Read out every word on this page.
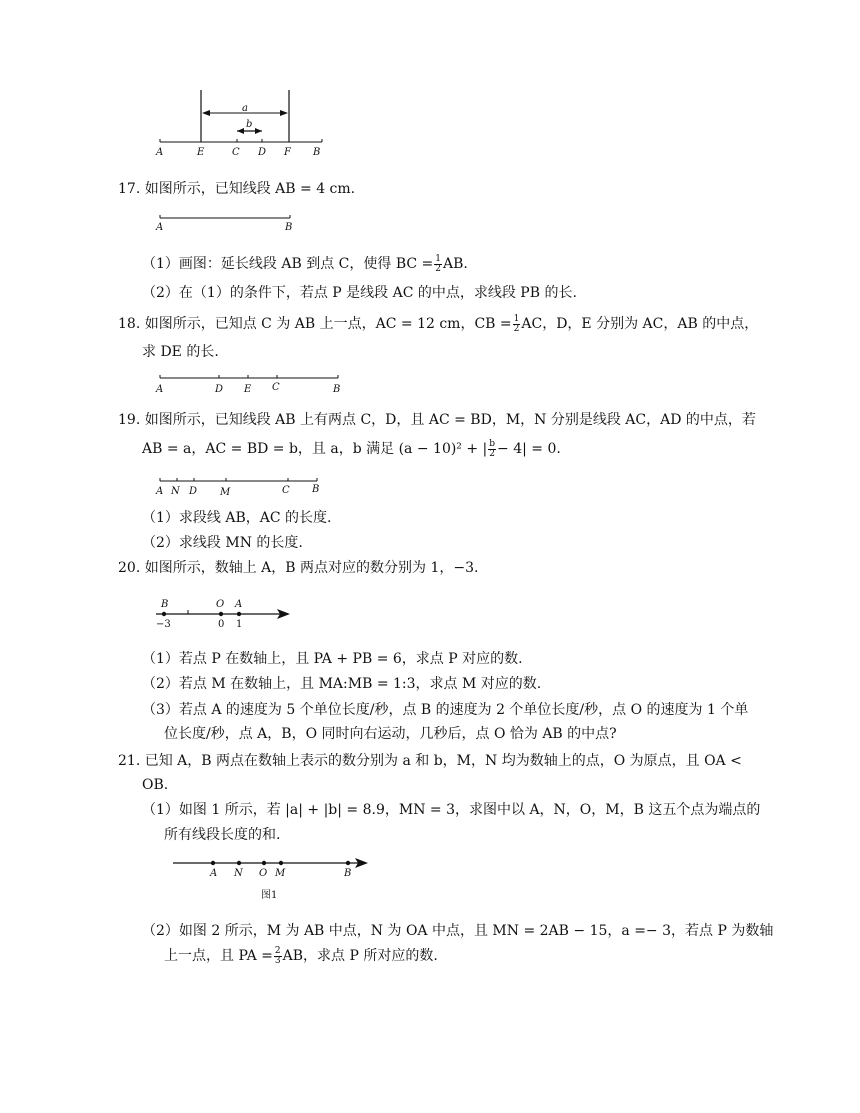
a
b
A	E	C D F B
17. 如图所示，已知线段 AB = 4 cm.
A	B
（1）画图：延长线段 AB 到点 C，使得 BC = $\frac{1}{2}$ AB.
（2）在（1）的条件下，若点 P 是线段 AC 的中点，求线段 PB 的长.
18. 如图所示，已知点 C 为 AB 上一点，AC = 12 cm，CB = $\frac{1}{2}$ AC，D，E 分别为 AC，AB 的中点，
求 DE 的长.
A	D E C	B
19. 如图所示，已知线段 AB 上有两点 C，D，且 AC = BD，M，N 分别是线段 AC，AD 的中点，若
AB = a，AC = BD = b，且 a，b 满足 (a − 10)² + | $\frac{b}{2} - 4| = 0$.
A N D M	C B
（1）求段线 AB，AC 的长度.
（2）求线段 MN 的长度.
20. 如图所示，数轴上 A，B 两点对应的数分别为 1，−3.
B	O A
−3	0 1
（1）若点 P 在数轴上，且 PA + PB = 6，求点 P 对应的数.
（2）若点 M 在数轴上，且 MA:MB = 1:3，求点 M 对应的数.
（3）若点 A 的速度为 5 个单位长度/秒，点 B 的速度为 2 个单位长度/秒，点 O 的速度为 1 个单
位长度/秒，点 A，B，O 同时向右运动，几秒后，点 O 恰为 AB 的中点?
21. 已知 A，B 两点在数轴上表示的数分别为 a 和 b，M，N 均为数轴上的点，O 为原点，且 OA <
OB.
（1）如图 1 所示，若 |a| + |b| = 8.9，MN = 3，求图中以 A，N，O，M，B 这五个点为端点的
所有线段长度的和.
A N O M	B
图1
（2）如图 2 所示，M 为 AB 中点，N 为 OA 中点，且 MN = 2AB − 15，a =− 3，若点 P 为数轴
上一点，且 PA = $\frac{2}{3}$ AB，求点 P 所对应的数.
